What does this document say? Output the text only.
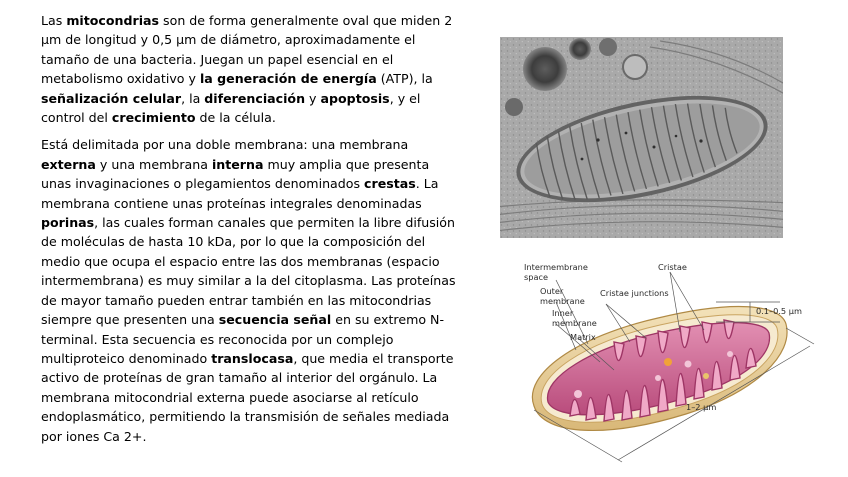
Las mitocondrias son de forma generalmente oval que miden 2 µm de longitud y 0,5 µm de diámetro, aproximadamente el tamaño de una bacteria. Juegan un papel esencial en el metabolismo oxidativo y la generación de energía (ATP), la señalización celular, la diferenciación y apoptosis, y el control del crecimiento de la célula.

Está delimitada por una doble membrana: una membrana externa y una membrana interna muy amplia que presenta unas invaginaciones o plegamientos denominados crestas. La membrana contiene unas proteínas integrales denominadas porinas, las cuales forman canales que permiten la libre difusión de moléculas de hasta 10 kDa, por lo que la composición del medio que ocupa el espacio entre las dos membranas (espacio intermembrana) es muy similar a la del citoplasma. Las proteínas de mayor tamaño pueden entrar también en las mitocondrias siempre que presenten una secuencia señal en su extremo N- terminal. Esta secuencia es reconocida por un complejo multiproteico denominado translocasa, que media el transporte activo de proteínas de gran tamaño al interior del orgánulo. La membrana mitocondrial externa puede asociarse al retículo endoplasmático, permitiendo la transmisión de señales mediada por iones Ca 2+.

Intermembrane
space
Cristae
Outer
membrane
Cristae junctions
0.1–0.5 μm
Inner
membrane
Matrix
1–2 μm
